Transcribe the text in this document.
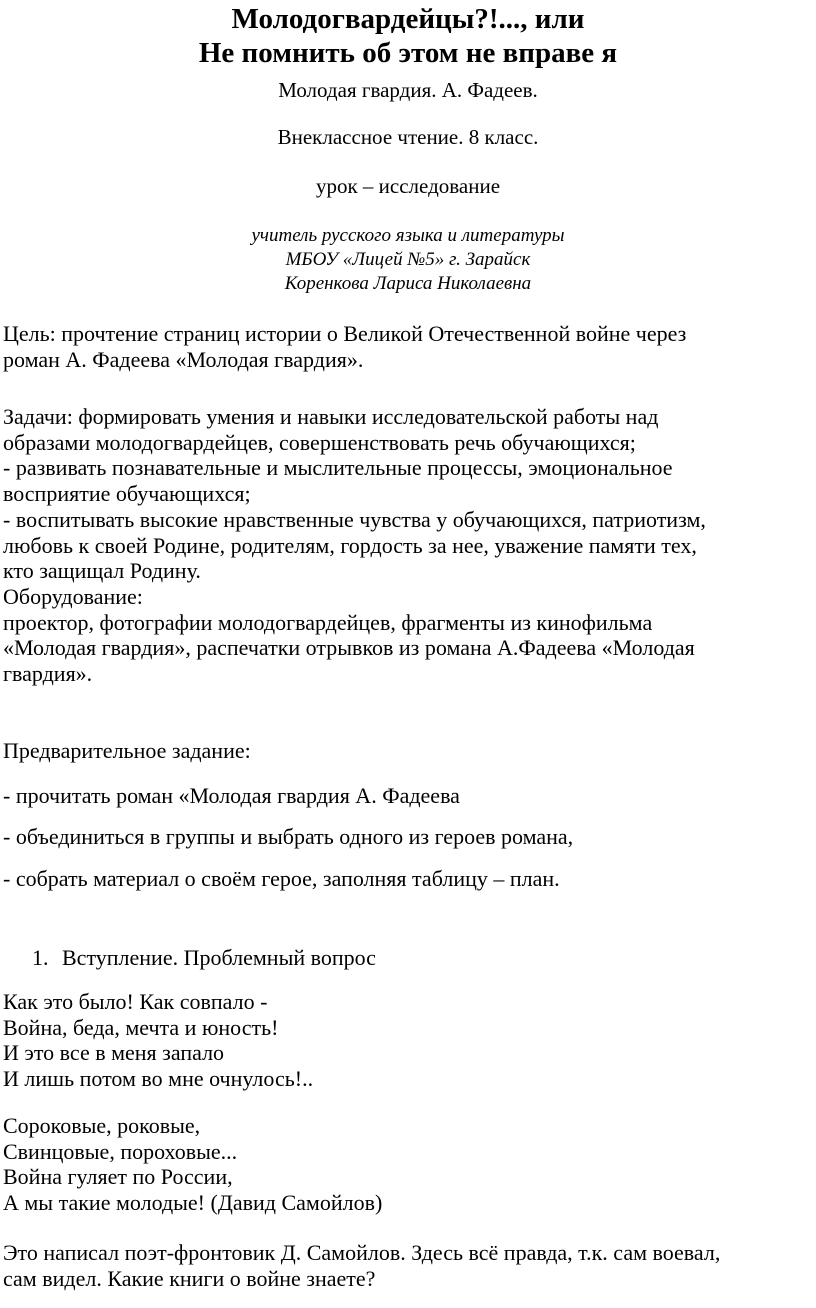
Молодогвардейцы?!..., или
Не помнить об этом не вправе я
Молодая гвардия. А. Фадеев.
Внеклассное чтение. 8 класс.
урок – исследование
учитель русского языка и литературы
МБОУ «Лицей №5» г. Зарайск
Коренкова Лариса Николаевна
Цель: прочтение страниц истории о Великой Отечественной войне через
роман А. Фадеева «Молодая гвардия».
Задачи: формировать умения и навыки исследовательской работы над
образами молодогвардейцев, совершенствовать речь обучающихся;
- развивать познавательные и мыслительные процессы, эмоциональное
восприятие обучающихся;
- воспитывать высокие нравственные чувства у обучающихся, патриотизм,
любовь к своей Родине, родителям, гордость за нее, уважение памяти тех,
кто защищал Родину.
Оборудование:
проектор, фотографии молодогвардейцев, фрагменты из кинофильма
«Молодая гвардия», распечатки отрывков из романа А.Фадеева «Молодая
гвардия».
Предварительное задание:
- прочитать роман «Молодая гвардия А. Фадеева
- объединиться в группы и выбрать одного из героев романа,
- собрать материал о своём герое, заполняя таблицу – план.
1. Вступление. Проблемный вопрос
Как это было! Как совпало -
Война, беда, мечта и юность!
И это все в меня запало
И лишь потом во мне очнулось!..
Сороковые, роковые,
Свинцовые, пороховые...
Война гуляет по России,
А мы такие молодые! (Давид Самойлов)
Это написал поэт-фронтовик Д. Самойлов. Здесь всё правда, т.к. сам воевал,
сам видел. Какие книги о войне знаете?
